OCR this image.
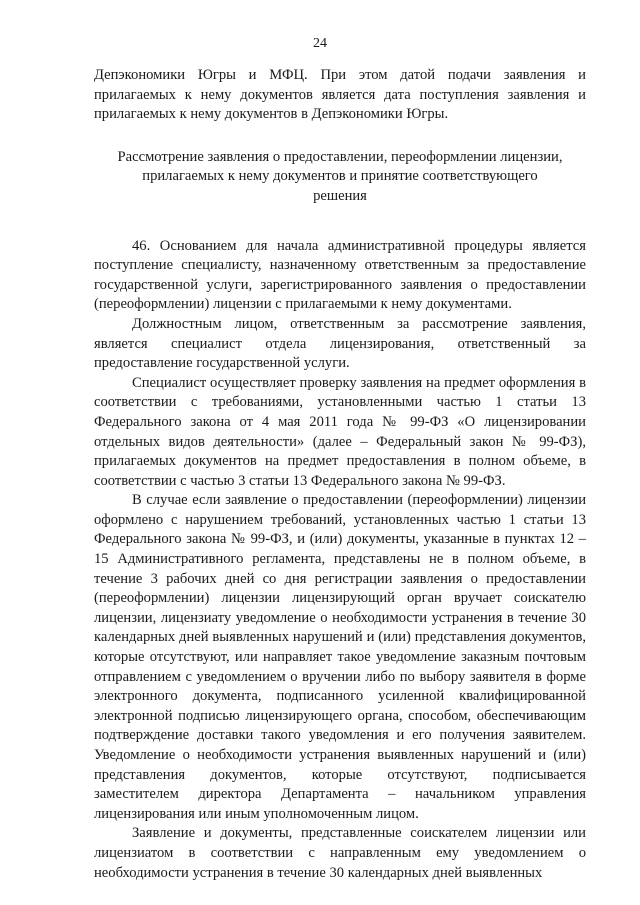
24

Депэкономики Югры и МФЦ. При этом датой подачи заявления и прилагаемых к нему документов является дата поступления заявления и прилагаемых к нему документов в Депэкономики Югры.

Рассмотрение заявления о предоставлении, переоформлении лицензии, прилагаемых к нему документов и принятие соответствующего решения

46. Основанием для начала административной процедуры является поступление специалисту, назначенному ответственным за предоставление государственной услуги, зарегистрированного заявления о предоставлении (переоформлении) лицензии с прилагаемыми к нему документами.

Должностным лицом, ответственным за рассмотрение заявления, является специалист отдела лицензирования, ответственный за предоставление государственной услуги.

Специалист осуществляет проверку заявления на предмет оформления в соответствии с требованиями, установленными частью 1 статьи 13 Федерального закона от 4 мая 2011 года № 99-ФЗ «О лицензировании отдельных видов деятельности» (далее – Федеральный закон № 99-ФЗ), прилагаемых документов на предмет предоставления в полном объеме, в соответствии с частью 3 статьи 13 Федерального закона № 99-ФЗ.

В случае если заявление о предоставлении (переоформлении) лицензии оформлено с нарушением требований, установленных частью 1 статьи 13 Федерального закона № 99-ФЗ, и (или) документы, указанные в пунктах 12 – 15 Административного регламента, представлены не в полном объеме, в течение 3 рабочих дней со дня регистрации заявления о предоставлении (переоформлении) лицензии лицензирующий орган вручает соискателю лицензии, лицензиату уведомление о необходимости устранения в течение 30 календарных дней выявленных нарушений и (или) представления документов, которые отсутствуют, или направляет такое уведомление заказным почтовым отправлением с уведомлением о вручении либо по выбору заявителя в форме электронного документа, подписанного усиленной квалифицированной электронной подписью лицензирующего органа, способом, обеспечивающим подтверждение доставки такого уведомления и его получения заявителем. Уведомление о необходимости устранения выявленных нарушений и (или) представления документов, которые отсутствуют, подписывается заместителем директора Департамента – начальником управления лицензирования или иным уполномоченным лицом.

Заявление и документы, представленные соискателем лицензии или лицензиатом в соответствии с направленным ему уведомлением о необходимости устранения в течение 30 календарных дней выявленных
